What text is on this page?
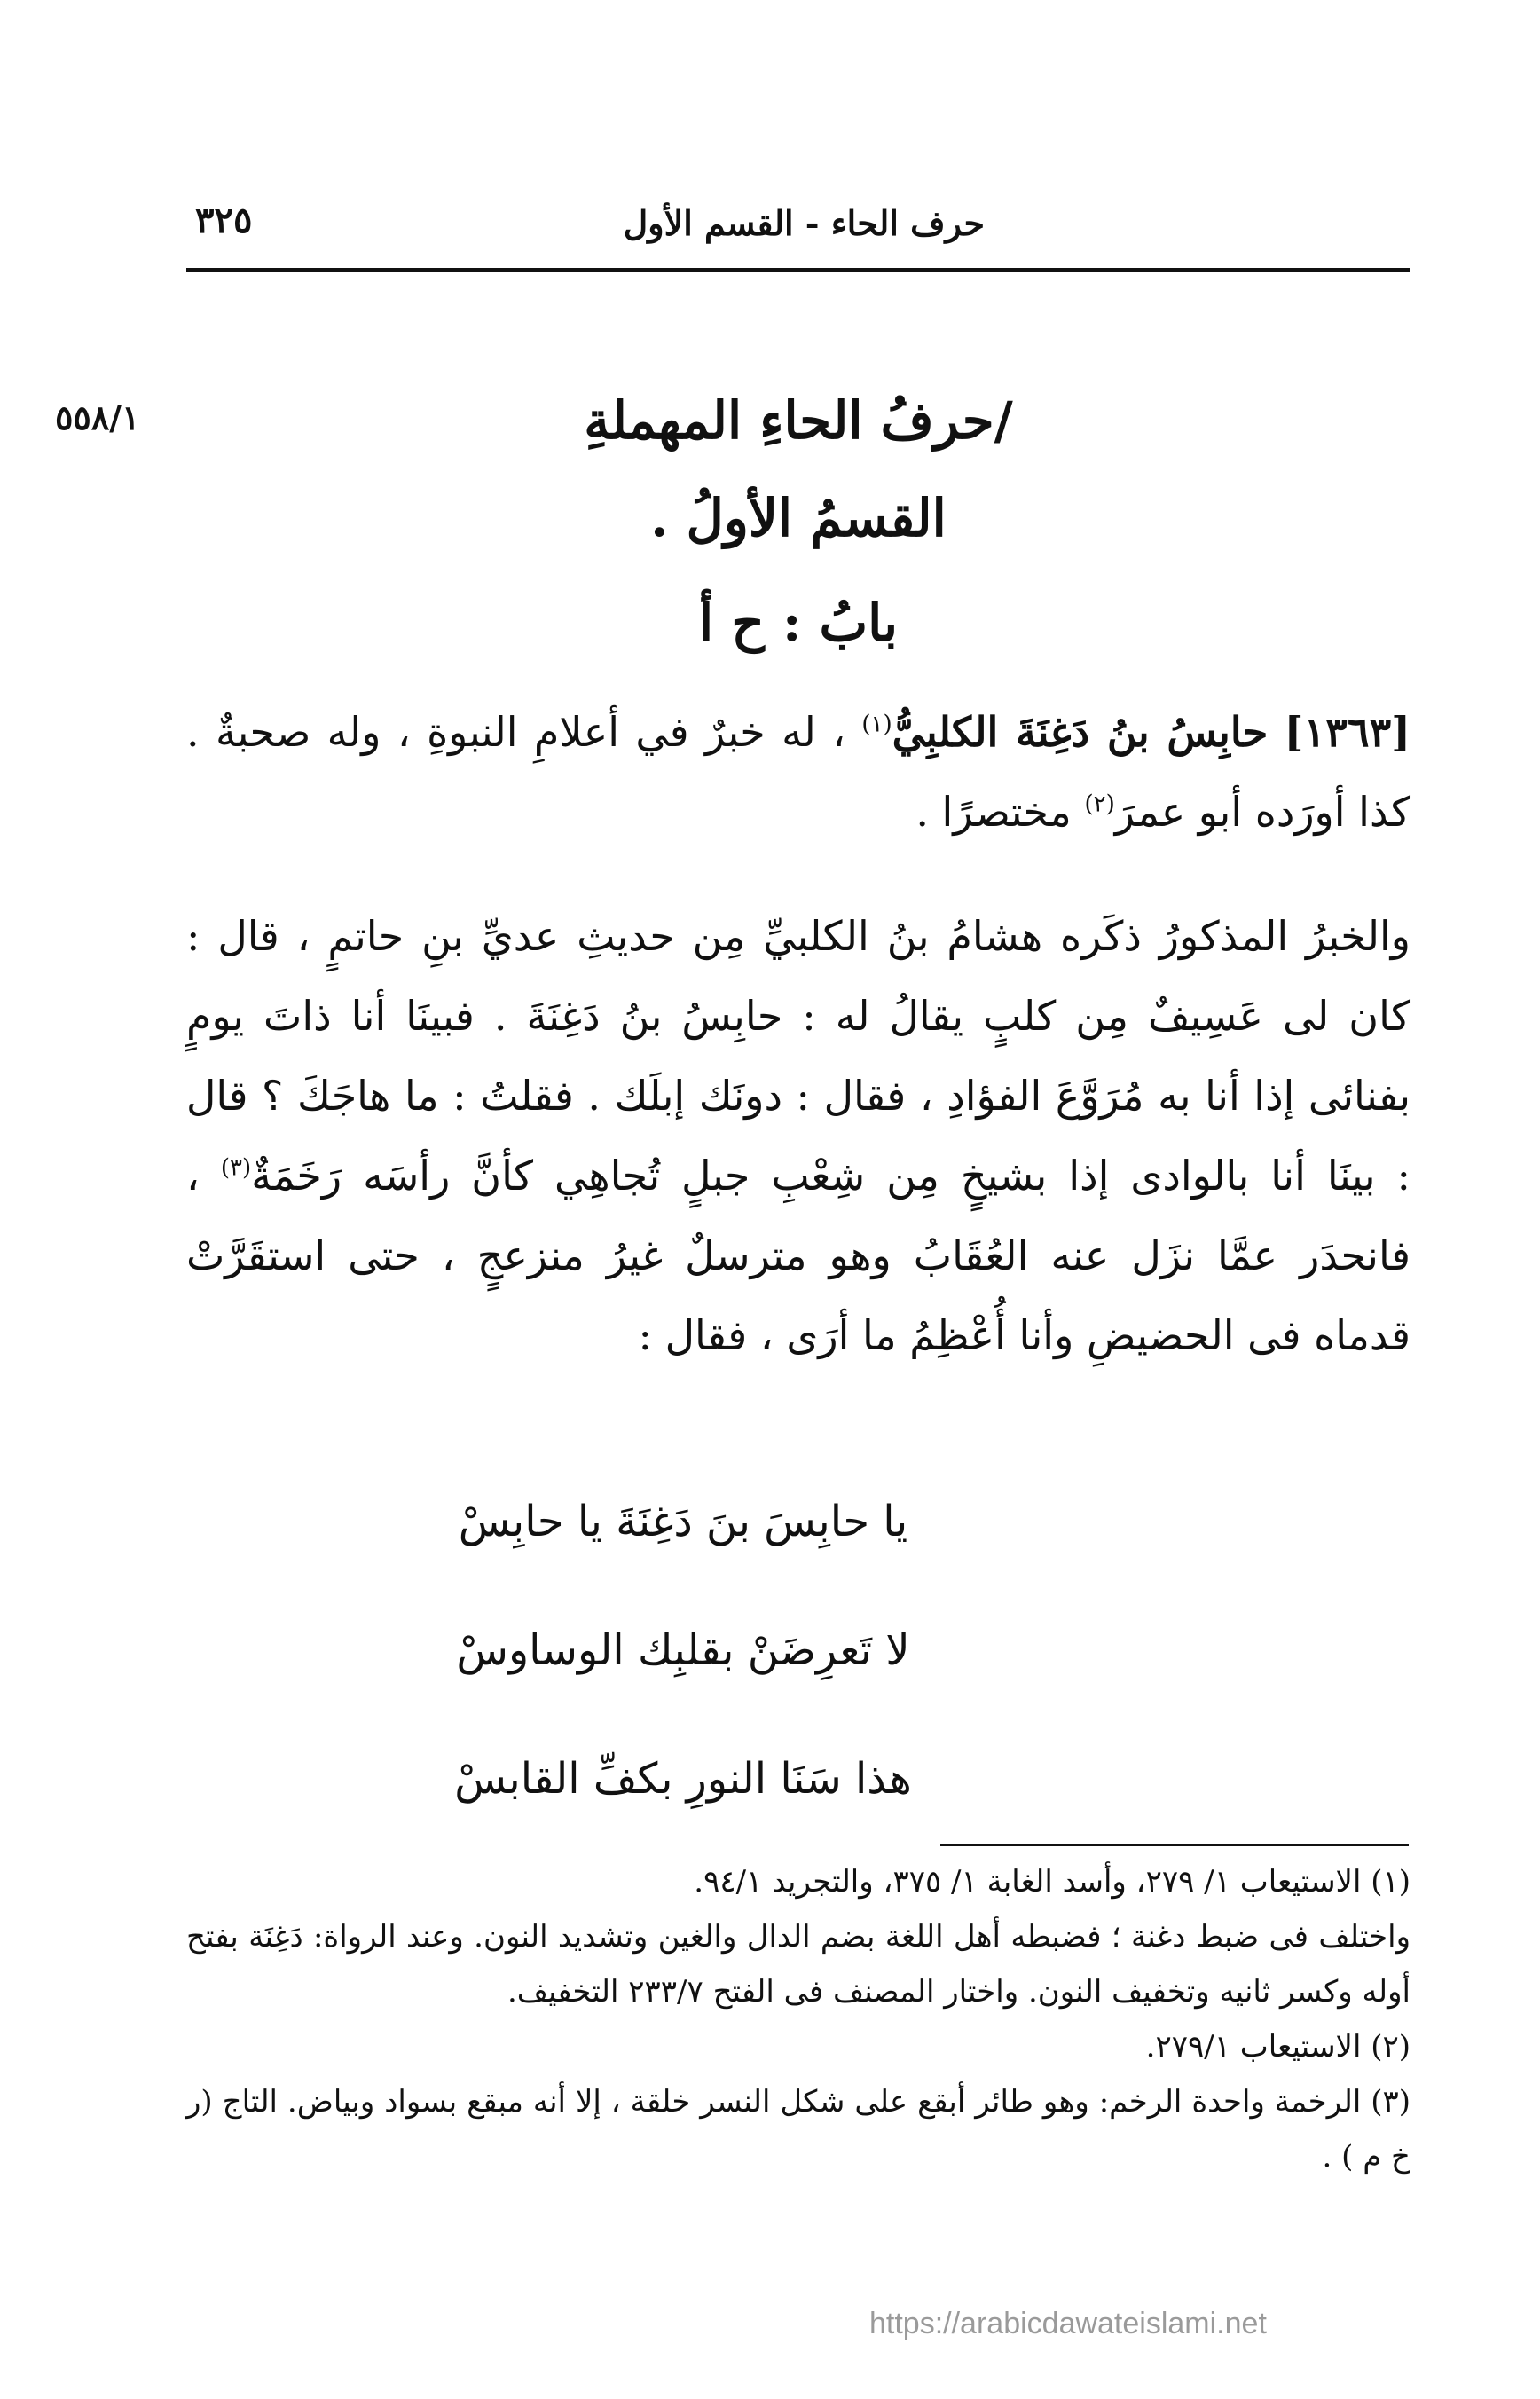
٣٢٥	حرف الحاء - القسم الأول
٥٥٨/١	/حرفُ الحاءِ المهملةِ
القسمُ الأولُ .
بابُ : ح أ
[١٣٦٣] حابِسُ بنُ دَغِنَةَ الكلبِيُّ$^{(١)}$ ، له خبرٌ في أعلامِ النبوةِ ، وله صحبةٌ . كذا أورَده أبو عمرَ$^{(٢)}$ مختصرًا .
والخبرُ المذكورُ ذكَره هشامُ بنُ الكلبيِّ مِن حديثِ عديِّ بنِ حاتمٍ ، قال : كان لى عَسِيفٌ مِن كلبٍ يقالُ له : حابِسُ بنُ دَغِنَةَ . فبينَا أنا ذاتَ يومٍ بفنائى إذا أنا به مُرَوَّعَ الفؤادِ ، فقال : دونَك إبلَك . فقلتُ : ما هاجَكَ ؟ قال : بينَا أنا بالوادى إذا بشيخٍ مِن شِعْبِ جبلٍ تُجاهِي كأنَّ رأسَه رَخَمَةٌ$^{(٣)}$ ، فانحدَر عمَّا نزَل عنه العُقَابُ وهو مترسلٌ غيرُ منزعجٍ ، حتى استقَرَّتْ قدماه فى الحضيضِ وأنا أُعْظِمُ ما أرَى ، فقال :
يا حابِسَ بنَ دَغِنَةَ يا حابِسْ
لا تَعرِضَنْ بقلبِك الوساوسْ
هذا سَنَا النورِ بكفِّ القابسْ

(١) الاستيعاب ١/ ٢٧٩، وأسد الغابة ١/ ٣٧٥، والتجريد ٩٤/١.

واختلف فى ضبط دغنة ؛ فضبطه أهل اللغة بضم الدال والغين وتشديد النون. وعند الرواة: دَغِنَة بفتح أوله وكسر ثانيه وتخفيف النون. واختار المصنف فى الفتح ٢٣٣/٧ التخفيف.

(٢) الاستيعاب ٢٧٩/١.

(٣) الرخمة واحدة الرخم: وهو طائر أبقع على شكل النسر خلقة ، إلا أنه مبقع بسواد وبياض. التاج (ر خ م ) .

https://arabicdawateislami.net
